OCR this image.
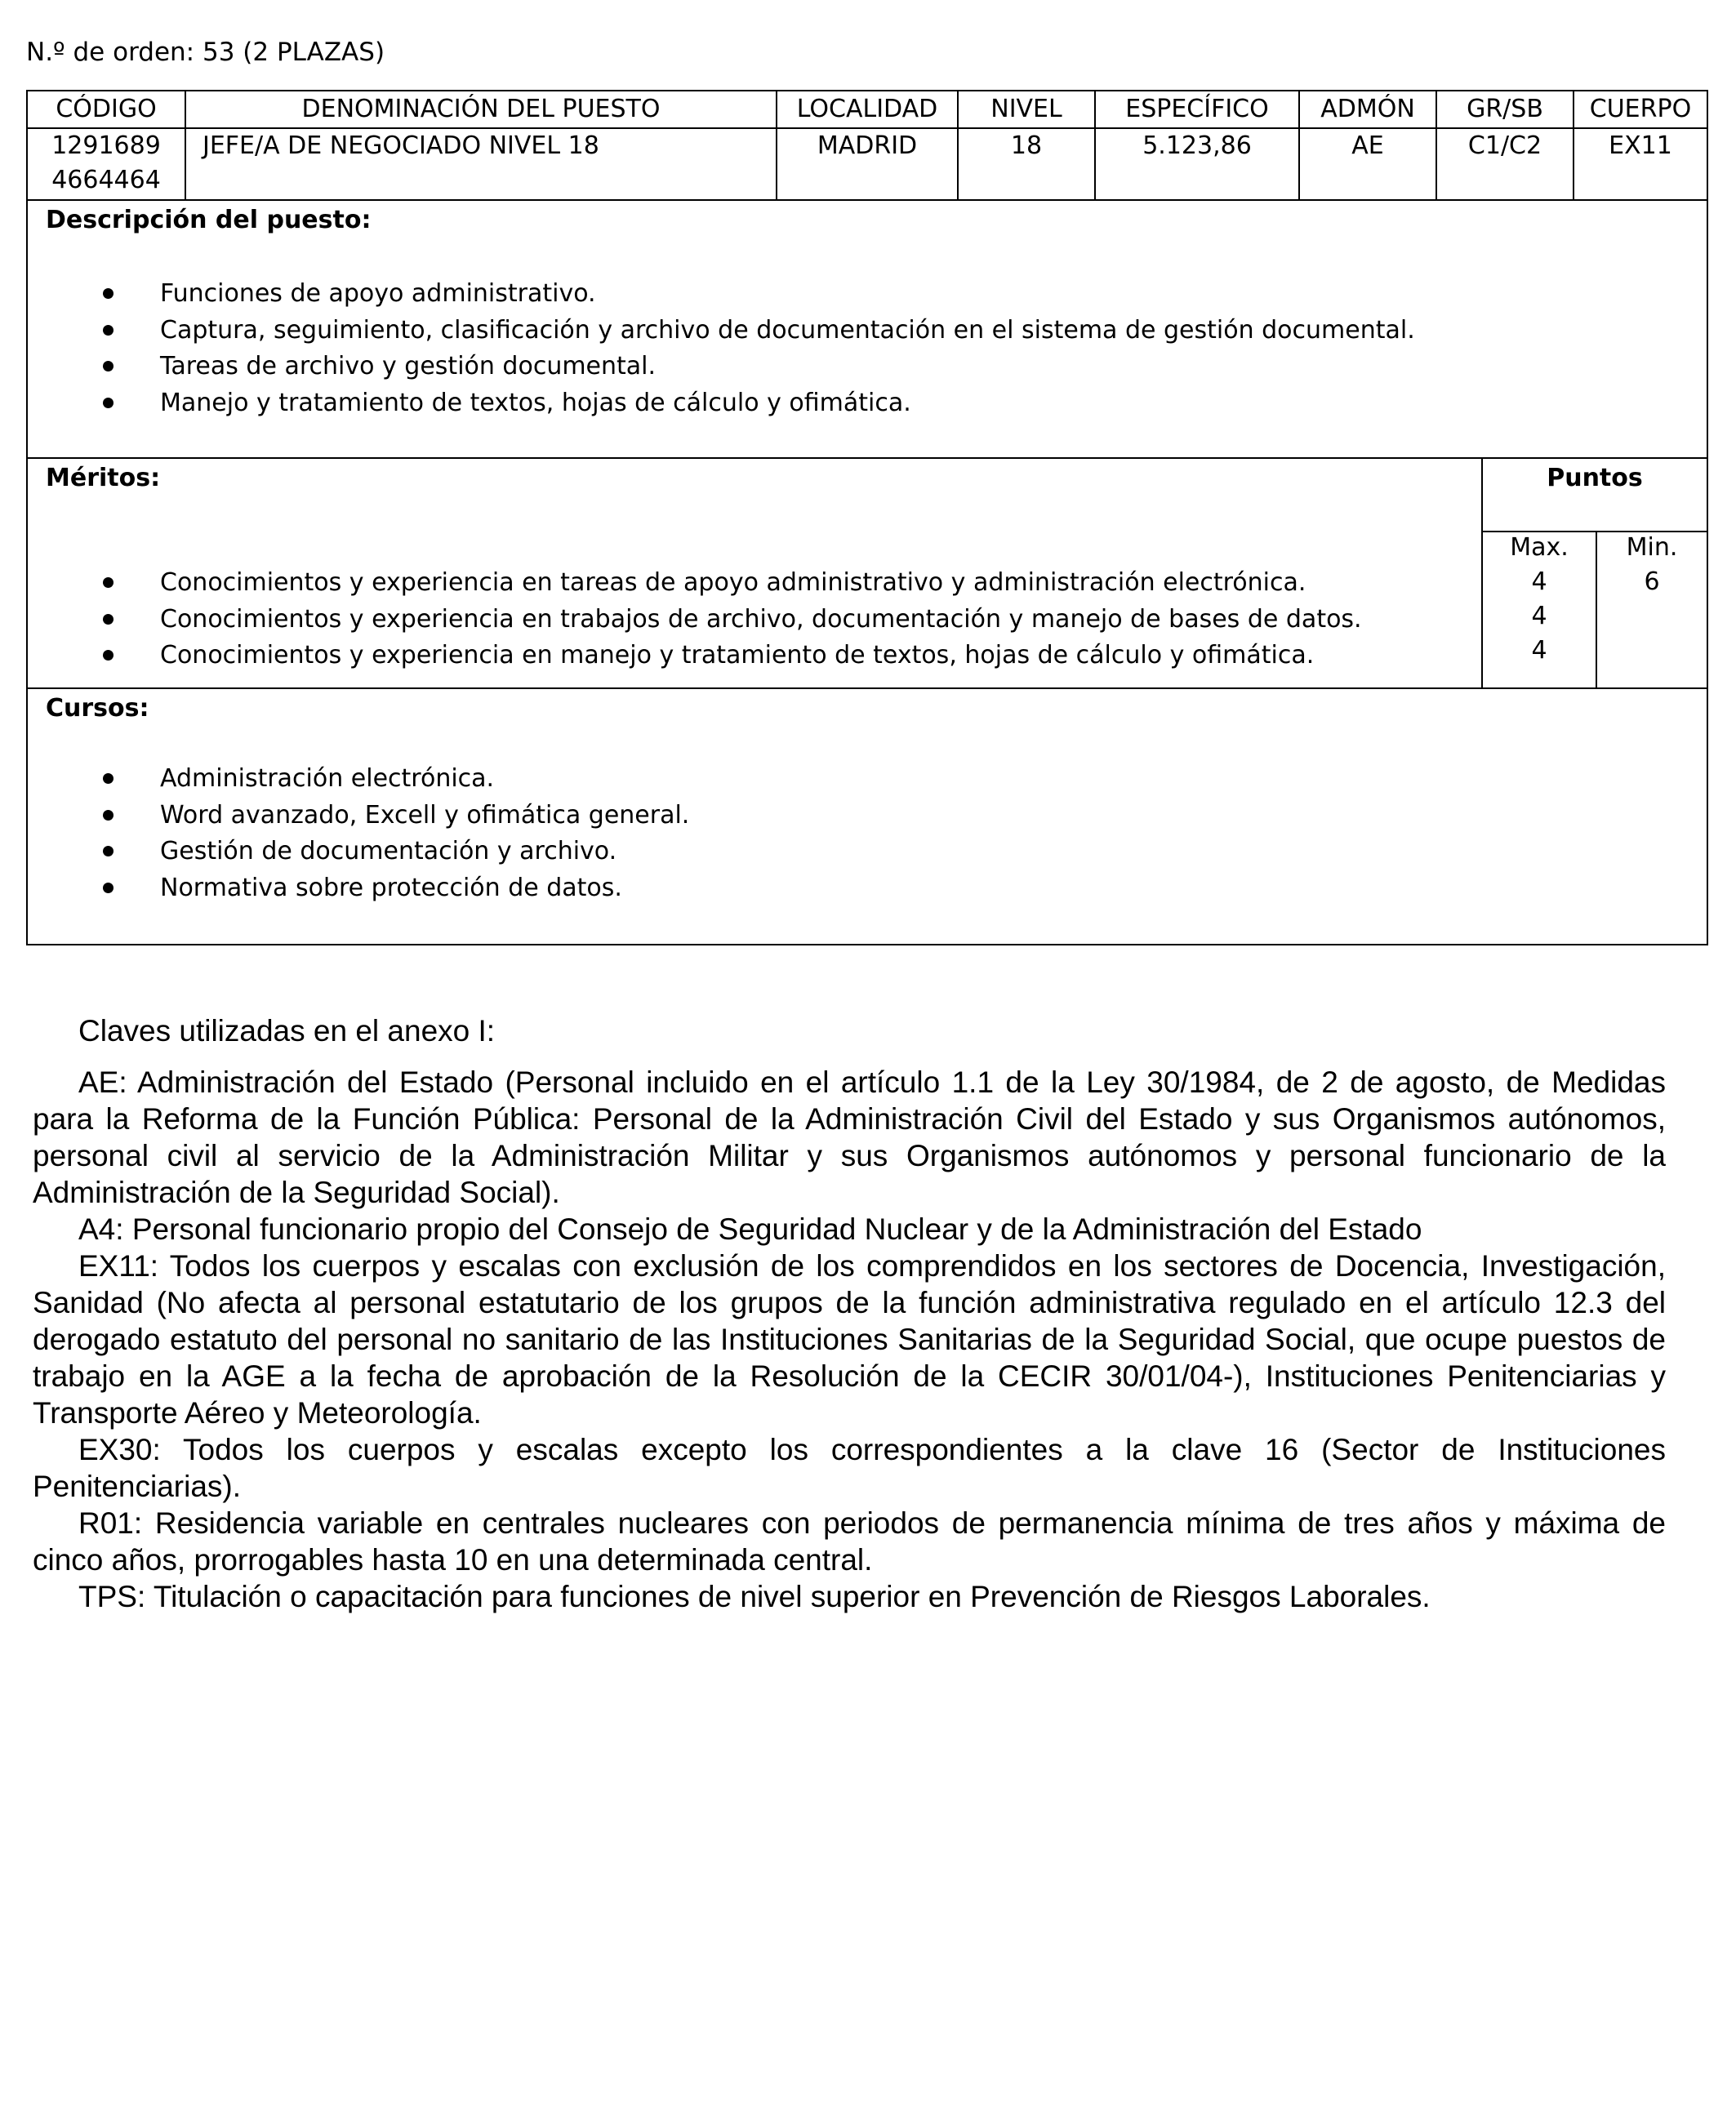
N.º de orden: 53 (2 PLAZAS)
CÓDIGO
1291689
4664464
DENOMINACIÓN DEL PUESTO
JEFE/A DE NEGOCIADO NIVEL 18
LOCALIDAD
MADRID
NIVEL
18
ESPECÍFICO
5.123,86
ADMÓN
AE
GR/SB
C1/C2
CUERPO
EX11
Descripción del puesto:
Funciones de apoyo administrativo.
Captura, seguimiento, clasificación y archivo de documentación en el sistema de gestión documental.
Tareas de archivo y gestión documental.
Manejo y tratamiento de textos, hojas de cálculo y ofimática.
Méritos:
Conocimientos y experiencia en tareas de apoyo administrativo y administración electrónica.
Conocimientos y experiencia en trabajos de archivo, documentación y manejo de bases de datos.
Conocimientos y experiencia en manejo y tratamiento de textos, hojas de cálculo y ofimática.
Puntos
Max.
4
4
4
Min.
6
Cursos:
Administración electrónica.
Word avanzado, Excell y ofimática general.
Gestión de documentación y archivo.
Normativa sobre protección de datos.

Claves utilizadas en el anexo I:

AE: Administración del Estado (Personal incluido en el artículo 1.1 de la Ley 30/1984, de 2 de agosto, de Medidas para la Reforma de la Función Pública: Personal de la Administración Civil del Estado y sus Organismos autónomos, personal civil al servicio de la Administración Militar y sus Organismos autónomos y personal funcionario de la Administración de la Seguridad Social).

A4: Personal funcionario propio del Consejo de Seguridad Nuclear y de la Administración del Estado

EX11: Todos los cuerpos y escalas con exclusión de los comprendidos en los sectores de Docencia, Investigación, Sanidad (No afecta al personal estatutario de los grupos de la función administrativa regulado en el artículo 12.3 del derogado estatuto del personal no sanitario de las Instituciones Sanitarias de la Seguridad Social, que ocupe puestos de trabajo en la AGE a la fecha de aprobación de la Resolución de la CECIR 30/01/04-), Instituciones Penitenciarias y Transporte Aéreo y Meteorología.

EX30: Todos los cuerpos y escalas excepto los correspondientes a la clave 16 (Sector de Instituciones Penitenciarias).

R01: Residencia variable en centrales nucleares con periodos de permanencia mínima de tres años y máxima de cinco años, prorrogables hasta 10 en una determinada central.

TPS: Titulación o capacitación para funciones de nivel superior en Prevención de Riesgos Laborales.
